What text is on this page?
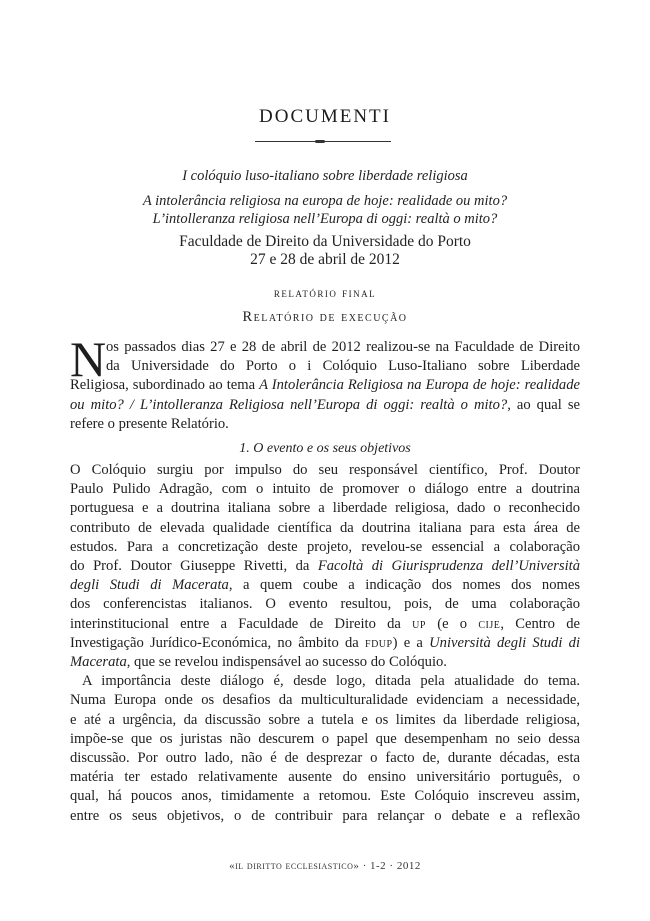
DOCUMENTI
I colóquio luso-italiano sobre liberdade religiosa
A intolerância religiosa na europa de hoje: realidade ou mito?
L’intolleranza religiosa nell’Europa di oggi: realtà o mito?
Faculdade de Direito da Universidade do Porto
27 e 28 de abril de 2012
relatório final
Relatório de execução
N os passados dias 27 e 28 de abril de 2012 realizou-se na Faculdade de Direito
da Universidade do Porto o i Colóquio Luso-Italiano sobre Liberdade
Religiosa, subordinado ao tema A Intolerância Religiosa na Europa de hoje: realidade
ou mito? / L’intolleranza Religiosa nell’Europa di oggi: realtà o mito?, ao qual se
refere o presente Relatório.
1. O evento e os seus objetivos
O Colóquio surgiu por impulso do seu responsável científico, Prof. Doutor
Paulo Pulido Adragão, com o intuito de promover o diálogo entre a doutrina
portuguesa e a doutrina italiana sobre a liberdade religiosa, dado o reconhecido
contributo de elevada qualidade científica da doutrina italiana para esta área de
estudos. Para a concretização deste projeto, revelou-se essencial a colaboração
do Prof. Doutor Giuseppe Rivetti, da Facoltà di Giurisprudenza dell’Università
degli Studi di Macerata, a quem coube a indicação dos nomes dos nomes
dos conferencistas italianos. O evento resultou, pois, de uma colaboração
interinstitucional entre a Faculdade de Direito da up (e o cije, Centro de
Investigação Jurídico-Económica, no âmbito da fdup) e a Università degli Studi di
Macerata, que se revelou indispensável ao sucesso do Colóquio.
A importância deste diálogo é, desde logo, ditada pela atualidade do tema.
Numa Europa onde os desafios da multiculturalidade evidenciam a necessidade,
e até a urgência, da discussão sobre a tutela e os limites da liberdade religiosa,
impõe-se que os juristas não descurem o papel que desempenham no seio dessa
discussão. Por outro lado, não é de desprezar o facto de, durante décadas, esta
matéria ter estado relativamente ausente do ensino universitário português, o
qual, há poucos anos, timidamente a retomou. Este Colóquio inscreveu assim,
entre os seus objetivos, o de contribuir para relançar o debate e a reflexão
«il diritto ecclesiastico» · 1-2 · 2012
